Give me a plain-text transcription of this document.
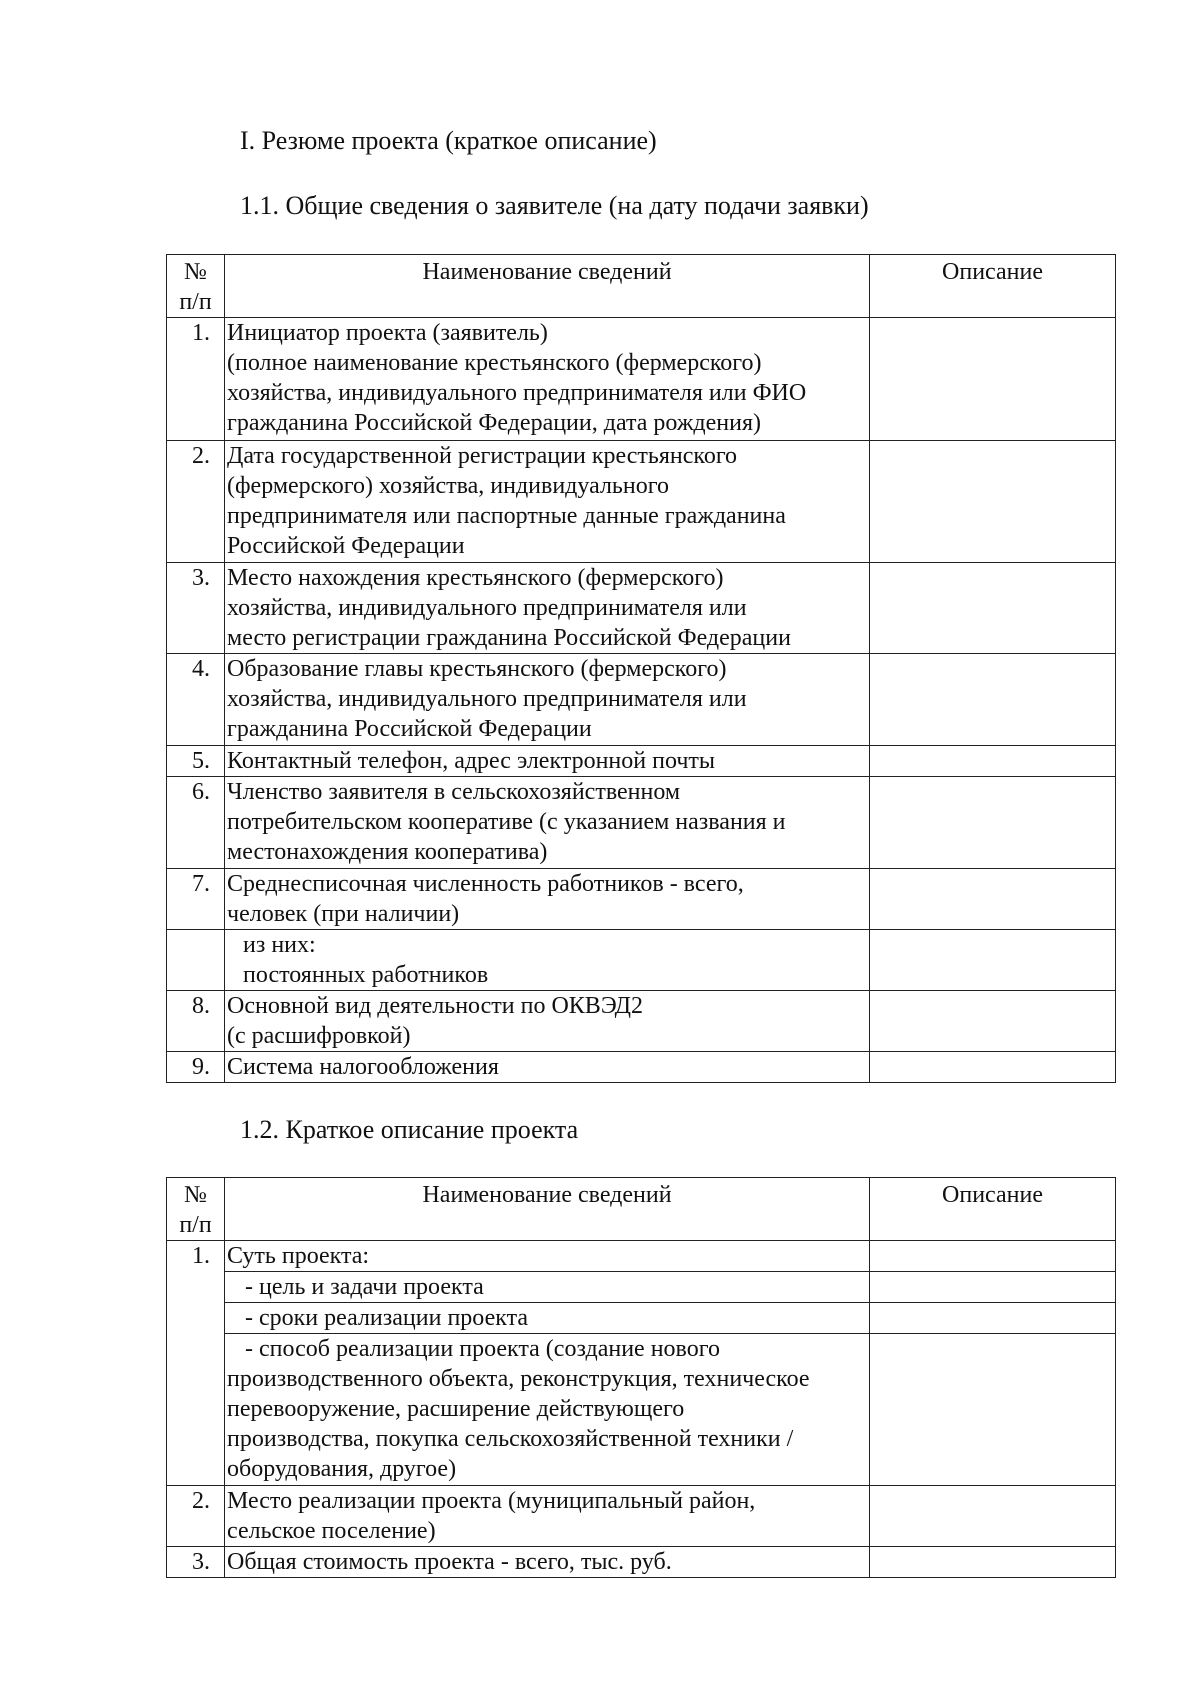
I. Резюме проекта (краткое описание)
1.1. Общие сведения о заявителе (на дату подачи заявки)
№
п/п	Наименование сведений	Описание
1.	Инициатор проекта (заявитель)
(полное наименование крестьянского (фермерского)
хозяйства, индивидуального предпринимателя или ФИО
гражданина Российской Федерации, дата рождения)	

2.	Дата государственной регистрации крестьянского
(фермерского) хозяйства, индивидуального
предпринимателя или паспортные данные гражданина
Российской Федерации	

3.	Место нахождения крестьянского (фермерского)
хозяйства, индивидуального предпринимателя или
место регистрации гражданина Российской Федерации	

4.	Образование главы крестьянского (фермерского)
хозяйства, индивидуального предпринимателя или
гражданина Российской Федерации	

5.	Контактный телефон, адрес электронной почты	

6.	Членство заявителя в сельскохозяйственном
потребительском кооперативе (с указанием названия и
местонахождения кооператива)	

7.	Среднесписочная численность работников - всего,
человек (при наличии)	

	из них:
постоянных работников	

8.	Основной вид деятельности по ОКВЭД2
(с расшифровкой)	

9.	Система налогообложения	

1.2. Краткое описание проекта
№
п/п	Наименование сведений	Описание
1.	Суть проекта:	

	- цель и задачи проекта	

	- сроки реализации проекта	

	- способ реализации проекта (создание нового
производственного объекта, реконструкция, техническое
перевооружение, расширение действующего
производства, покупка сельскохозяйственной техники /
оборудования, другое)	

2.	Место реализации проекта (муниципальный район,
сельское поселение)	

3.	Общая стоимость проекта - всего, тыс. руб.	
